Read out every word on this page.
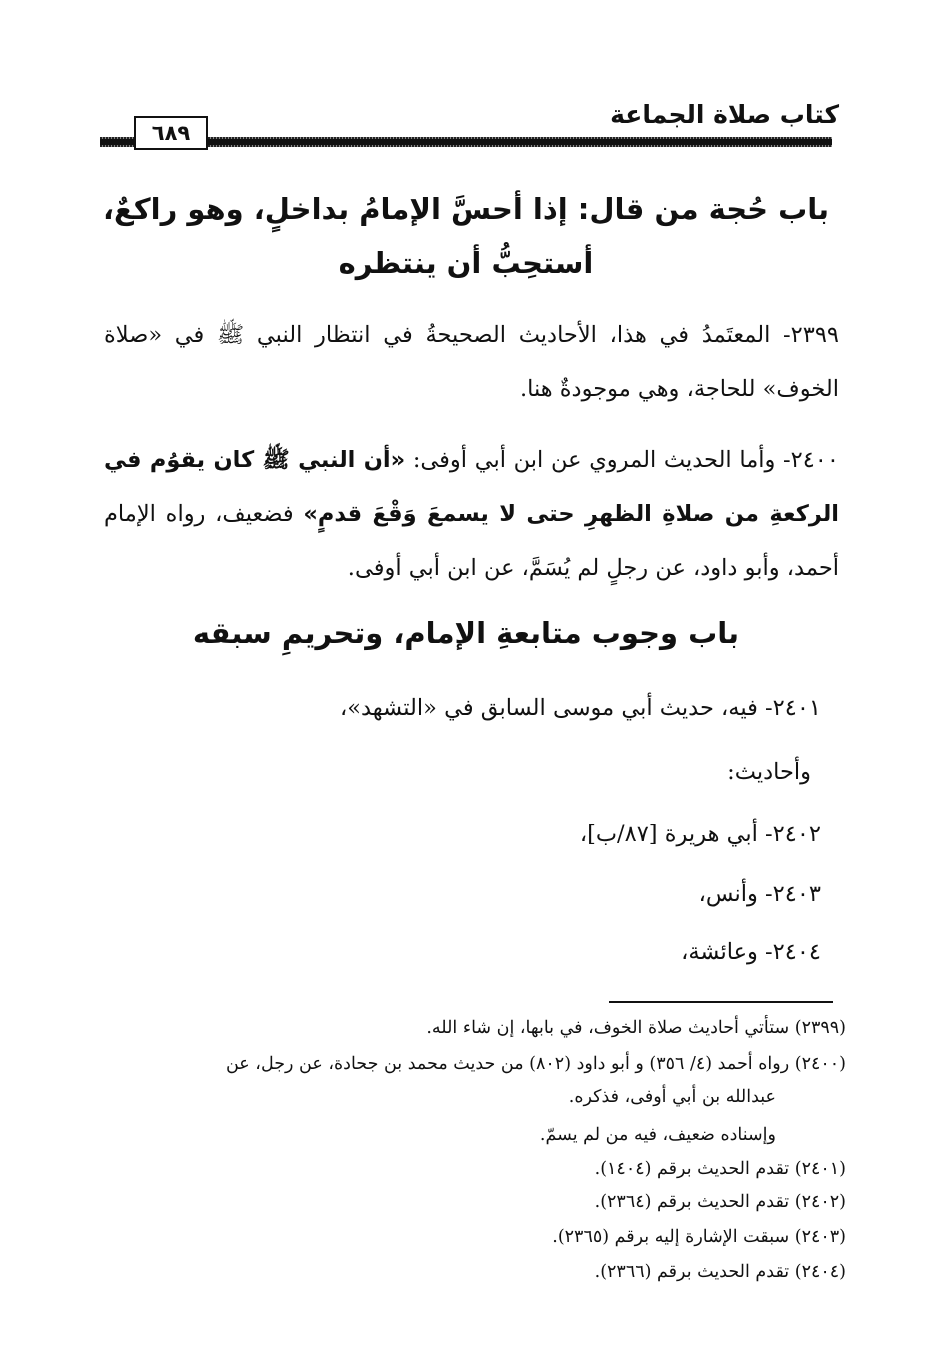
كتاب صلاة الجماعة
٦٨٩
باب حُجة من قال: إذا أحسَّ الإمامُ بداخلٍ، وهو راكعٌ،
أستحِبُّ أن ينتظره
٢٣٩٩- المعتَمدُ في هذا، الأحاديث الصحيحةُ في انتظار النبي ﷺ في «صلاة الخوف» للحاجة، وهي موجودةٌ هنا.
٢٤٠٠- وأما الحديث المروي عن ابن أبي أوفى: «أن النبي ﷺ كان يقوُم في الركعةِ من صلاةِ الظهرِ حتى لا يسمعَ وَقْعَ قدمٍ» فضعيف، رواه الإمام أحمد، وأبو داود، عن رجلٍ لم يُسَمَّ، عن ابن أبي أوفى.
باب وجوب متابعةِ الإمام، وتحريمِ سبقه
٢٤٠١- فيه، حديث أبي موسى السابق في «التشهد»،
وأحاديث:
٢٤٠٢- أبي هريرة [٨٧/ب]،
٢٤٠٣- وأنس،
٢٤٠٤- وعائشة،
(٢٣٩٩) ستأتي أحاديث صلاة الخوف، في بابها، إن شاء الله.
(٢٤٠٠) رواه أحمد (٤/ ٣٥٦) و أبو داود (٨٠٢) من حديث محمد بن جحادة، عن رجل، عن
عبدالله بن أبي أوفى، فذكره.
وإسناده ضعيف، فيه من لم يسمّ.
(٢٤٠١) تقدم الحديث برقم (١٤٠٤).
(٢٤٠٢) تقدم الحديث برقم (٢٣٦٤).
(٢٤٠٣) سبقت الإشارة إليه برقم (٢٣٦٥).
(٢٤٠٤) تقدم الحديث برقم (٢٣٦٦).
